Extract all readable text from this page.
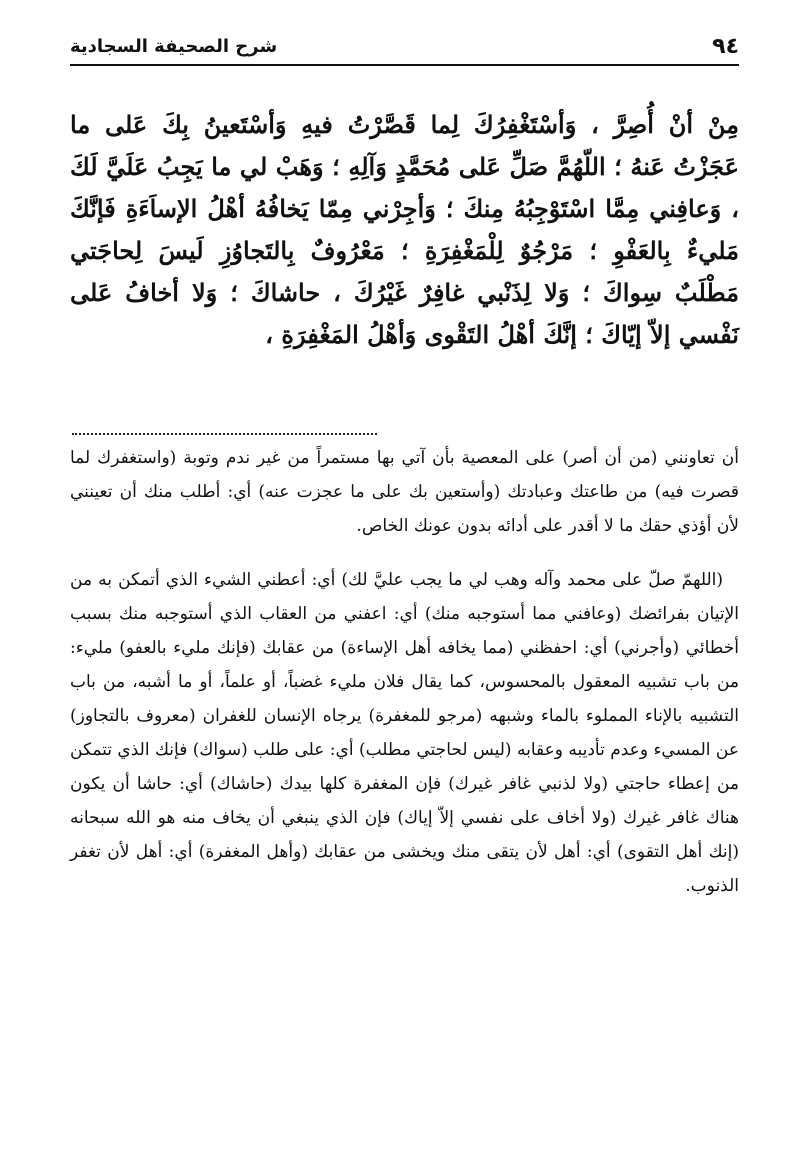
٩٤
شرح الصحيفة السجادية
مِنْ أنْ أُصِرَّ ، وَأسْتَغْفِرُكَ لِما قَصَّرْتُ فيهِ وَأسْتَعينُ بِكَ عَلى ما عَجَزْتُ عَنهُ ؛ اللّهُمَّ صَلِّ عَلى مُحَمَّدٍ وَآلِهِ ؛ وَهَبْ لي ما يَجِبُ عَلَيَّ لَكَ ، وَعافِني مِمَّا اسْتَوْجِبُهُ مِنكَ ؛ وَأجِرْني مِمّا يَخافُهُ أهْلُ الإساَءَةِ فَإنَّكَ مَليءٌ بِالعَفْوِ ؛ مَرْجُوٌ لِلْمَغْفِرَةِ ؛ مَعْرُوفٌ بِالتَجاوُزِ لَيسَ لِحاجَتي مَطْلَبٌ سِواكَ ؛ وَلا لِذَنْبي غافِرٌ غَيْرُكَ ، حاشاكَ ؛ وَلا أخافُ عَلى نَفْسي إلاّ إيّاكَ ؛ إنَّكَ أهْلُ التَقْوى وَأهْلُ المَغْفِرَةِ ،

أن تعاونني (من أن أصر) على المعصية بأن آتي بها مستمراً من غير ندم وتوبة (واستغفرك لما قصرت فيه) من طاعتك وعبادتك (وأستعين بك على ما عجزت عنه) أي: أطلب منك أن تعينني لأن أؤذي حقك ما لا أقدر على أدائه بدون عونك الخاص.

(اللهمّ صلّ على محمد وآله وهب لي ما يجب عليَّ لك) أي: أعطني الشيء الذي أتمكن به من الإتيان بفرائضك (وعافني مما أستوجبه منك) أي: اعفني من العقاب الذي أستوجبه منك بسبب أخطائي (وأجرني) أي: احفظني (مما يخافه أهل الإساءة) من عقابك (فإنك مليء بالعفو) مليء: من باب تشبيه المعقول بالمحسوس، كما يقال فلان مليء غضباً، أو علماً، أو ما أشبه، من باب التشبيه بالإناء المملوء بالماء وشبهه (مرجو للمغفرة) يرجاه الإنسان للغفران (معروف بالتجاوز) عن المسيء وعدم تأديبه وعقابه (ليس لحاجتي مطلب) أي: على طلب (سواك) فإنك الذي تتمكن من إعطاء حاجتي (ولا لذنبي غافر غيرك) فإن المغفرة كلها بيدك (حاشاك) أي: حاشا أن يكون هناك غافر غيرك (ولا أخاف على نفسي إلاّ إياك) فإن الذي ينبغي أن يخاف منه هو الله سبحانه (إنك أهل التقوى) أي: أهل لأن يتقى منك ويخشى من عقابك (وأهل المغفرة) أي: أهل لأن تغفر الذنوب.
